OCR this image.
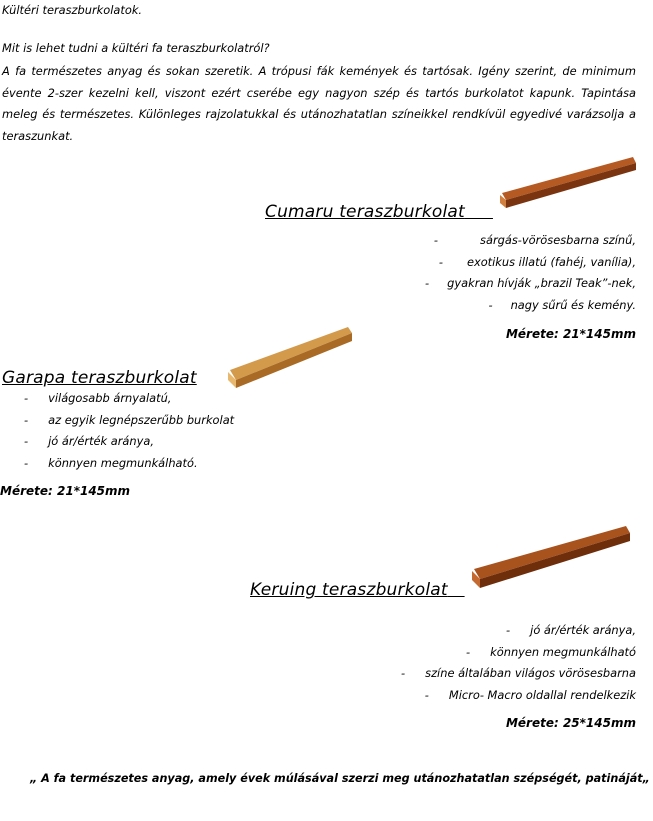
Kültéri teraszburkolatok.
Mit is lehet tudni a kültéri fa teraszburkolatról?
A fa természetes anyag és sokan szeretik. A trópusi fák kemények és tartósak. Igény szerint, de minimum évente 2-szer kezelni kell, viszont ezért cserébe egy nagyon szép és tartós burkolatot kapunk. Tapintása meleg és természetes. Különleges rajzolatukkal és utánozhatatlan színeikkel rendkívül egyedivé varázsolja a teraszunkat.
Cumaru teraszburkolat
-	sárgás-vörösesbarna színű,
- exotikus illatú (fahéj, vanília),
- gyakran hívják „brazil Teak”-nek,
- nagy sűrű és kemény.
Mérete: 21*145mm
Garapa teraszburkolat
- világosabb árnyalatú,
- az egyik legnépszerűbb burkolat
- jó ár/érték aránya,
- könnyen megmunkálható.
Mérete: 21*145mm
Keruing teraszburkolat
- jó ár/érték aránya,
- könnyen megmunkálható
- színe általában világos vörösesbarna
- Micro- Macro oldallal rendelkezik
Mérete: 25*145mm
„ A fa természetes anyag, amely évek múlásával szerzi meg utánozhatatlan szépségét, patináját„
